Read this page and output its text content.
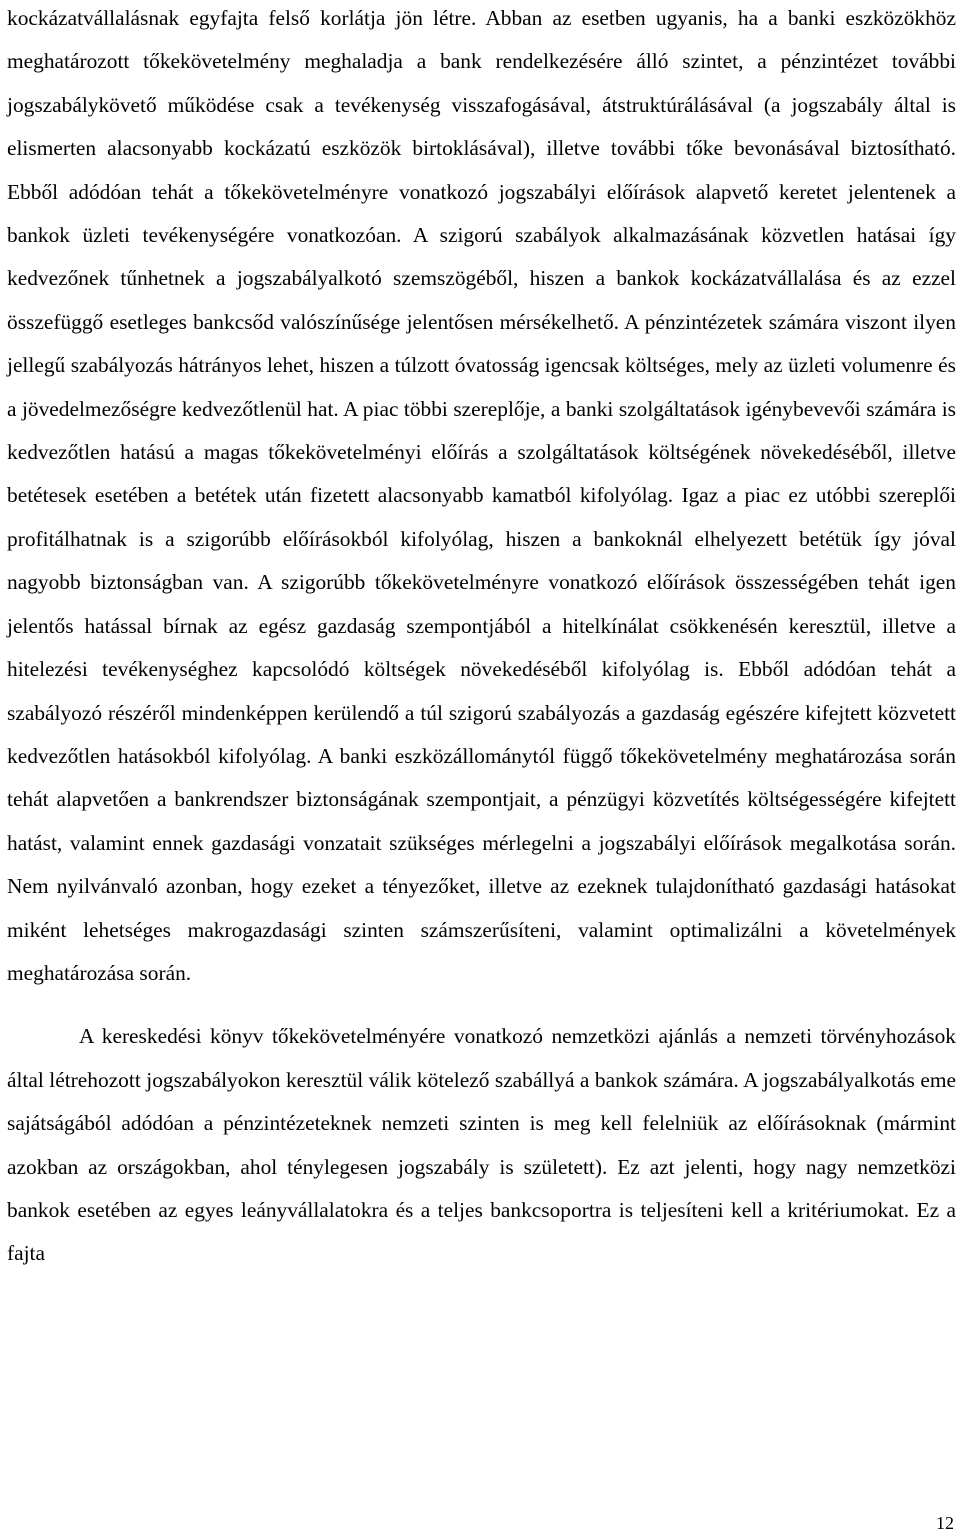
kockázatvállalásnak egyfajta felső korlátja jön létre. Abban az esetben ugyanis, ha a banki eszközökhöz meghatározott tőkekövetelmény meghaladja a bank rendelkezésére álló szintet, a pénzintézet további jogszabálykövető működése csak a tevékenység visszafogásával, átstruktúrálásával (a jogszabály által is elismerten alacsonyabb kockázatú eszközök birtoklásával), illetve további tőke bevonásával biztosítható. Ebből adódóan tehát a tőkekövetelményre vonatkozó jogszabályi előírások alapvető keretet jelentenek a bankok üzleti tevékenységére vonatkozóan. A szigorú szabályok alkalmazásának közvetlen hatásai így kedvezőnek tűnhetnek a jogszabályalkotó szemszögéből, hiszen a bankok kockázatvállalása és az ezzel összefüggő esetleges bankcsőd valószínűsége jelentősen mérsékelhető. A pénzintézetek számára viszont ilyen jellegű szabályozás hátrányos lehet, hiszen a túlzott óvatosság igencsak költséges, mely az üzleti volumenre és a jövedelmezőségre kedvezőtlenül hat. A piac többi szereplője, a banki szolgáltatások igénybevevői számára is kedvezőtlen hatású a magas tőkekövetelményi előírás a szolgáltatások költségének növekedéséből, illetve betétesek esetében a betétek után fizetett alacsonyabb kamatból kifolyólag. Igaz a piac ez utóbbi szereplői profitálhatnak is a szigorúbb előírásokból kifolyólag, hiszen a bankoknál elhelyezett betétük így jóval nagyobb biztonságban van. A szigorúbb tőkekövetelményre vonatkozó előírások összességében tehát igen jelentős hatással bírnak az egész gazdaság szempontjából a hitelkínálat csökkenésén keresztül, illetve a hitelezési tevékenységhez kapcsolódó költségek növekedéséből kifolyólag is. Ebből adódóan tehát a szabályozó részéről mindenképpen kerülendő a túl szigorú szabályozás a gazdaság egészére kifejtett közvetett kedvezőtlen hatásokból kifolyólag. A banki eszközállománytól függő tőkekövetelmény meghatározása során tehát alapvetően a bankrendszer biztonságának szempontjait, a pénzügyi közvetítés költségességére kifejtett hatást, valamint ennek gazdasági vonzatait szükséges mérlegelni a jogszabályi előírások megalkotása során. Nem nyilvánvaló azonban, hogy ezeket a tényezőket, illetve az ezeknek tulajdonítható gazdasági hatásokat miként lehetséges makrogazdasági szinten számszerűsíteni, valamint optimalizálni a követelmények meghatározása során.

A kereskedési könyv tőkekövetelményére vonatkozó nemzetközi ajánlás a nemzeti törvényhozások által létrehozott jogszabályokon keresztül válik kötelező szabállyá a bankok számára. A jogszabályalkotás eme sajátságából adódóan a pénzintézeteknek nemzeti szinten is meg kell felelniük az előírásoknak (mármint azokban az országokban, ahol ténylegesen jogszabály is született). Ez azt jelenti, hogy nagy nemzetközi bankok esetében az egyes leányvállalatokra és a teljes bankcsoportra is teljesíteni kell a kritériumokat. Ez a fajta

12
